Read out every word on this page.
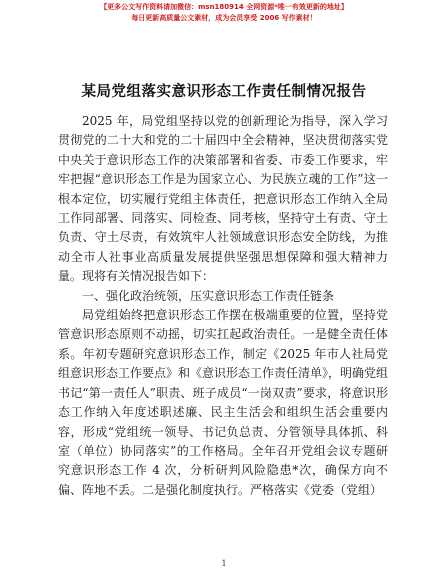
【更多公文写作资料请加微信：msn180914 全网资源*唯一有效更新的地址】
每日更新高质量公文素材，成为会员享受 2006 写作素材！
某局党组落实意识形态工作责任制情况报告

2025 年，局党组坚持以党的创新理论为指导，深入学习贯彻党的二十大和党的二十届四中全会精神，坚决贯彻落实党中央关于意识形态工作的决策部署和省委、市委工作要求，牢牢把握“意识形态工作是为国家立心、为民族立魂的工作”这一根本定位，切实履行党组主体责任，把意识形态工作纳入全局工作同部署、同落实、同检查、同考核，坚持守土有责、守土负责、守土尽责，有效筑牢人社领域意识形态安全防线，为推动全市人社事业高质量发展提供坚强思想保障和强大精神力量。现将有关情况报告如下：

一、强化政治统领，压实意识形态工作责任链条

局党组始终把意识形态工作摆在极端重要的位置，坚持党管意识形态原则不动摇，切实扛起政治责任。一是健全责任体系。年初专题研究意识形态工作，制定《2025 年市人社局党组意识形态工作要点》和《意识形态工作责任清单》，明确党组书记“第一责任人”职责、班子成员“一岗双责”要求，将意识形态工作纳入年度述职述廉、民主生活会和组织生活会重要内容，形成“党组统一领导、书记负总责、分管领导具体抓、科室（单位）协同落实”的工作格局。全年召开党组会议专题研究意识形态工作 4 次，分析研判风险隐患*次，确保方向不偏、阵地不丢。二是强化制度执行。严格落实《党委（党组）

1
